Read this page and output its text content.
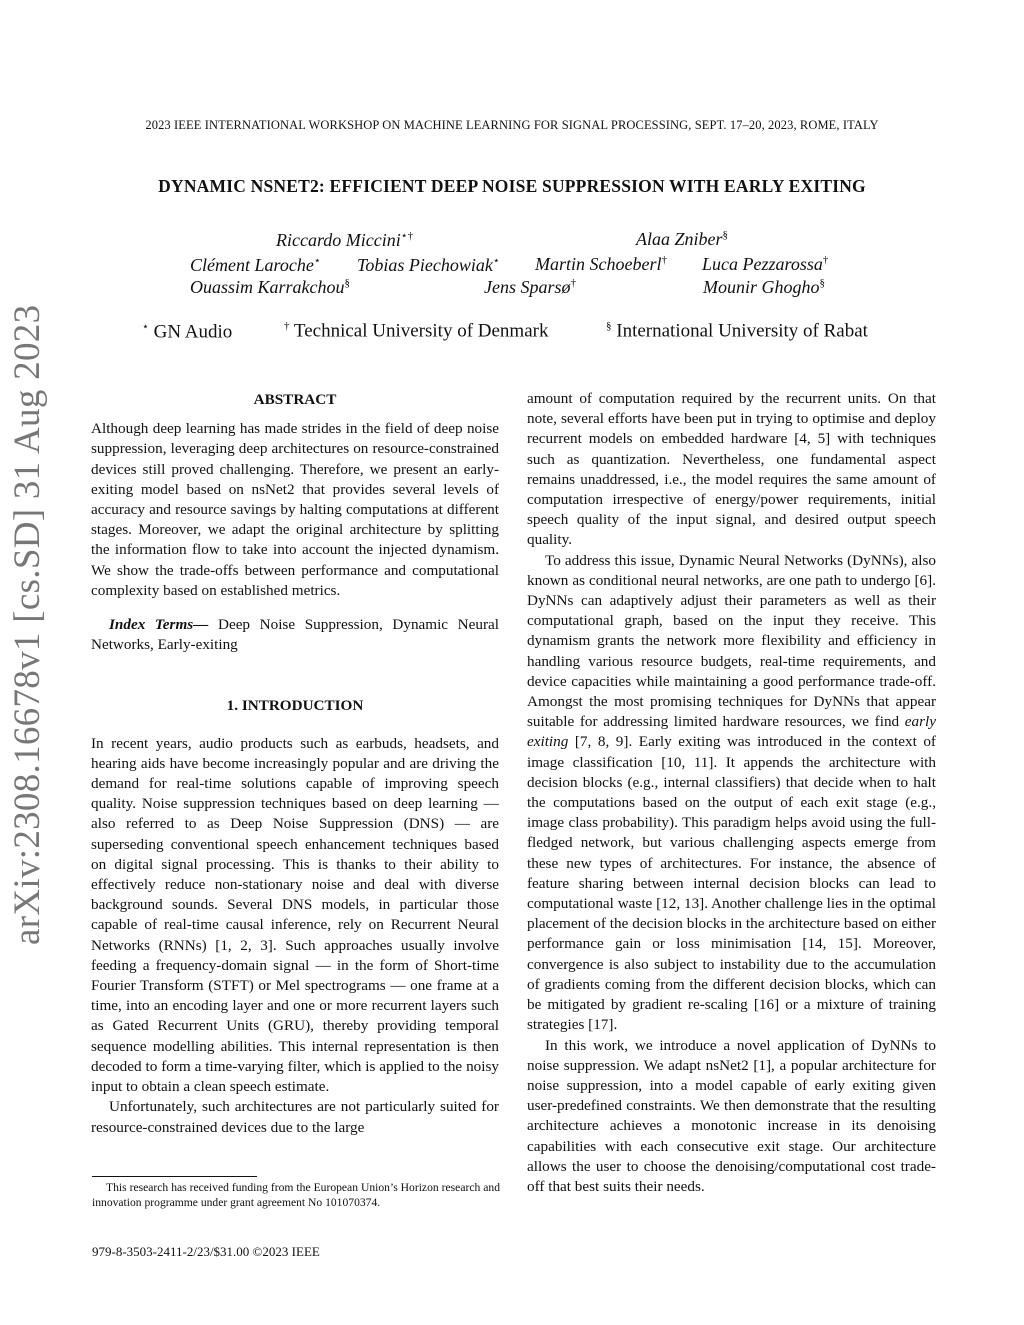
2023 IEEE INTERNATIONAL WORKSHOP ON MACHINE LEARNING FOR SIGNAL PROCESSING, SEPT. 17–20, 2023, ROME, ITALY
DYNAMIC NSNET2: EFFICIENT DEEP NOISE SUPPRESSION WITH EARLY EXITING
Riccardo Miccini⋆†	Alaa Zniber§
Clément Laroche⋆ Tobias Piechowiak⋆ Martin Schoeberl† Luca Pezzarossa†
Ouassim Karrakchou§	Jens Sparsø†	Mounir Ghogho§
⋆ GN Audio	† Technical University of Denmark	§ International University of Rabat
arXiv:2308.16678v1 [cs.SD] 31 Aug 2023	ABSTRACT

Although deep learning has made strides in the field of deep noise suppression, leveraging deep architectures on resource-constrained devices still proved challenging. Therefore, we present an early-exiting model based on nsNet2 that provides several levels of accuracy and resource savings by halting computations at different stages. Moreover, we adapt the original architecture by splitting the information flow to take into account the injected dynamism. We show the trade-offs between performance and computational complexity based on established metrics.

Index Terms— Deep Noise Suppression, Dynamic Neural Networks, Early-exiting

1. INTRODUCTION

In recent years, audio products such as earbuds, headsets, and hearing aids have become increasingly popular and are driving the demand for real-time solutions capable of improving speech quality. Noise suppression techniques based on deep learning — also referred to as Deep Noise Suppression (DNS) — are superseding conventional speech enhancement techniques based on digital signal processing. This is thanks to their ability to effectively reduce non-stationary noise and deal with diverse background sounds. Several DNS models, in particular those capable of real-time causal inference, rely on Recurrent Neural Networks (RNNs) [1, 2, 3]. Such approaches usually involve feeding a frequency-domain signal — in the form of Short-time Fourier Transform (STFT) or Mel spectrograms — one frame at a time, into an encoding layer and one or more recurrent layers such as Gated Recurrent Units (GRU), thereby providing temporal sequence modelling abilities. This internal representation is then decoded to form a time-varying filter, which is applied to the noisy input to obtain a clean speech estimate.

Unfortunately, such architectures are not particularly suited for resource-constrained devices due to the large

This research has received funding from the European Union’s Horizon research and innovation programme under grant agreement No 101070374.
979-8-3503-2411-2/23/$31.00 ©2023 IEEE

amount of computation required by the recurrent units. On that note, several efforts have been put in trying to optimise and deploy recurrent models on embedded hardware [4, 5] with techniques such as quantization. Nevertheless, one fundamental aspect remains unaddressed, i.e., the model requires the same amount of computation irrespective of energy/power requirements, initial speech quality of the input signal, and desired output speech quality.

To address this issue, Dynamic Neural Networks (DyNNs), also known as conditional neural networks, are one path to undergo [6]. DyNNs can adaptively adjust their parameters as well as their computational graph, based on the input they receive. This dynamism grants the network more flexibility and efficiency in handling various resource budgets, real-time requirements, and device capacities while maintaining a good performance trade-off. Amongst the most promising techniques for DyNNs that appear suitable for addressing limited hardware resources, we find early exiting [7, 8, 9]. Early exiting was introduced in the context of image classification [10, 11]. It appends the architecture with decision blocks (e.g., internal classifiers) that decide when to halt the computations based on the output of each exit stage (e.g., image class probability). This paradigm helps avoid using the full-fledged network, but various challenging aspects emerge from these new types of architectures. For instance, the absence of feature sharing between internal decision blocks can lead to computational waste [12, 13]. Another challenge lies in the optimal placement of the decision blocks in the architecture based on either performance gain or loss minimisation [14, 15]. Moreover, convergence is also subject to instability due to the accumulation of gradients coming from the different decision blocks, which can be mitigated by gradient re-scaling [16] or a mixture of training strategies [17].

In this work, we introduce a novel application of DyNNs to noise suppression. We adapt nsNet2 [1], a popular architecture for noise suppression, into a model capable of early exiting given user-predefined constraints. We then demonstrate that the resulting architecture achieves a monotonic increase in its denoising capabilities with each consecutive exit stage. Our architecture allows the user to choose the denoising/computational cost trade-off that best suits their needs.
